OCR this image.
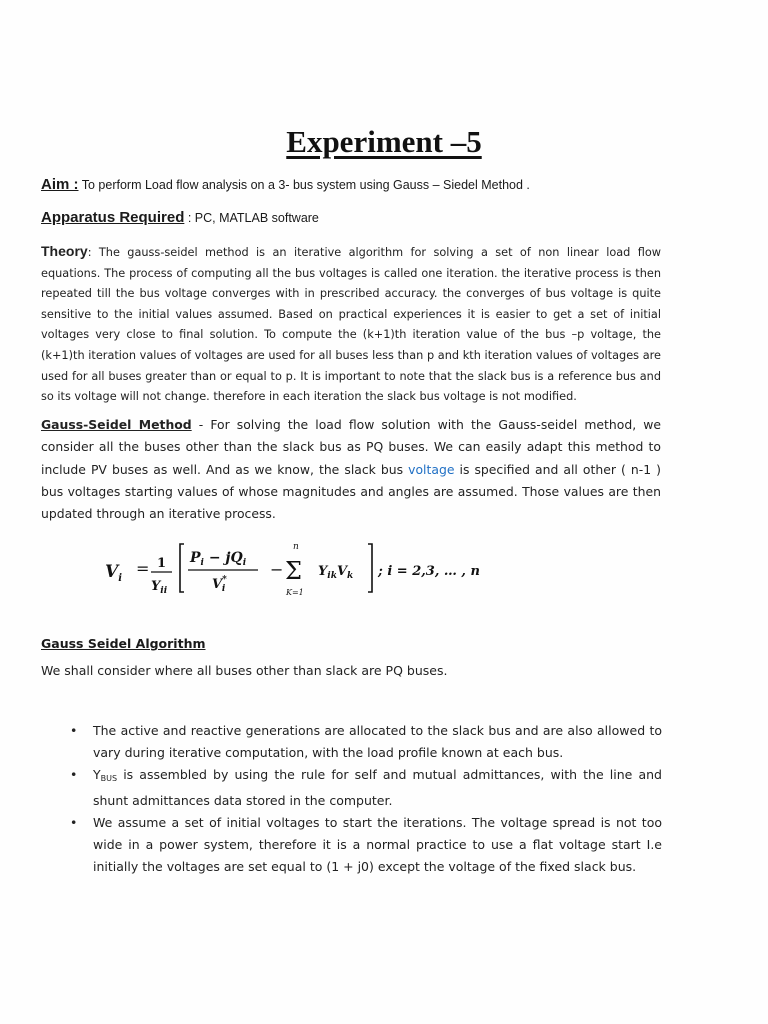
Experiment –5
Aim : To perform Load flow analysis on a 3- bus system using Gauss – Siedel Method .
Apparatus Required : PC, MATLAB software
Theory: The gauss-seidel method is an iterative algorithm for solving a set of non linear load flow equations. The process of computing all the bus voltages is called one iteration. the iterative process is then repeated till the bus voltage converges with in prescribed accuracy. the converges of bus voltage is quite sensitive to the initial values assumed. Based on practical experiences it is easier to get a set of initial voltages very close to final solution. To compute the (k+1)th iteration value of the bus –p voltage, the (k+1)th iteration values of voltages are used for all buses less than p and kth iteration values of voltages are used for all buses greater than or equal to p. It is important to note that the slack bus is a reference bus and so its voltage will not change. therefore in each iteration the slack bus voltage is not modified.
Gauss-Seidel Method - For solving the load flow solution with the Gauss-seidel method, we consider all the buses other than the slack bus as PQ buses. We can easily adapt this method to include PV buses as well. And as we know, the slack bus voltage is specified and all other ( n-1 ) bus voltages starting values of whose magnitudes and angles are assumed. Those values are then updated through an iterative process.
$V_i$
= 1
$Y_{ii}$
$P_i - jQ_i$
V* i
−
n
Σ
K=1
$Y_{ik}V_k$ ; i = 2,3, … , n
Gauss Seidel Algorithm
We shall consider where all buses other than slack are PQ buses.
• The active and reactive generations are allocated to the slack bus and are also allowed to vary during iterative computation, with the load profile known at each bus.
• $Y_{BUS}$ is assembled by using the rule for self and mutual admittances, with the line and shunt admittances data stored in the computer.
• We assume a set of initial voltages to start the iterations. The voltage spread is not too wide in a power system, therefore it is a normal practice to use a flat voltage start I.e initially the voltages are set equal to (1 + j0) except the voltage of the fixed slack bus.
